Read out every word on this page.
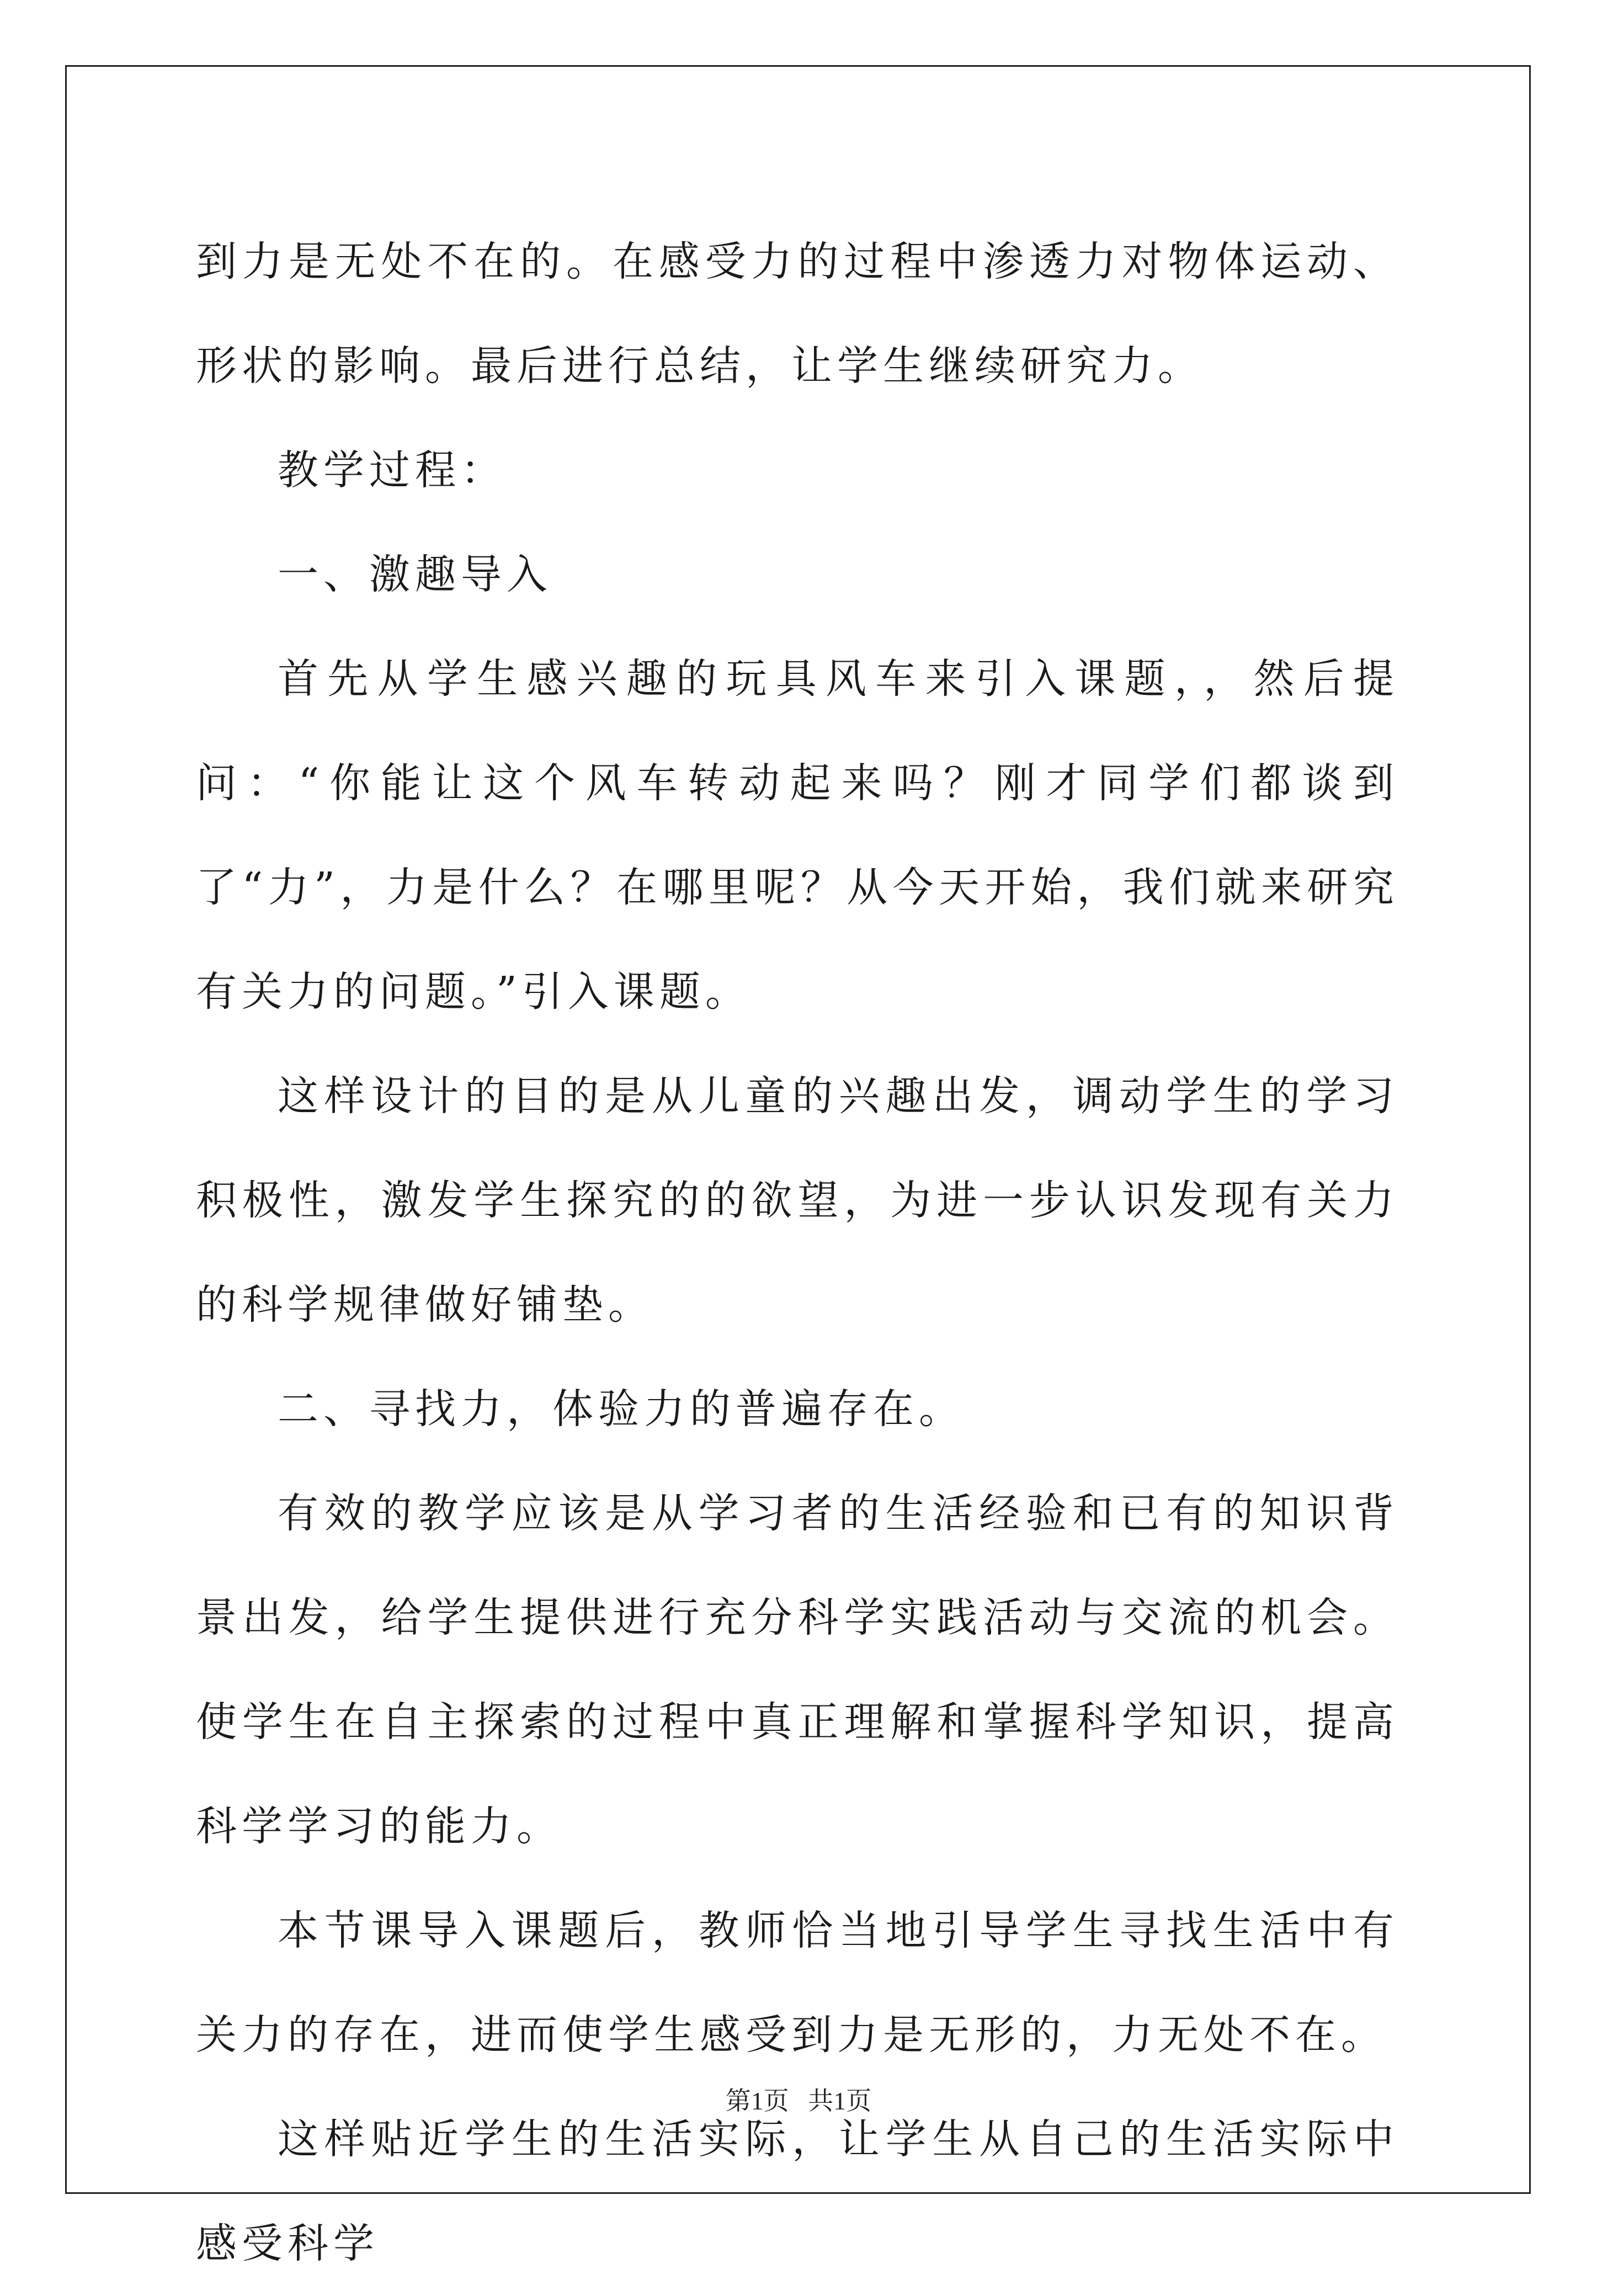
到力是无处不在的。在感受力的过程中渗透力对物体运动、形状的影响。最后进行总结，让学生继续研究力。

教学过程：

一、激趣导入

首先从学生感兴趣的玩具风车来引入课题，，然后提问：“你能让这个风车转动起来吗？刚才同学们都谈到了“力”，力是什么？在哪里呢？从今天开始，我们就来研究有关力的问题。”引入课题。

这样设计的目的是从儿童的兴趣出发，调动学生的学习积极性，激发学生探究的的欲望，为进一步认识发现有关力的科学规律做好铺垫。

二、寻找力，体验力的普遍存在。

有效的教学应该是从学习者的生活经验和已有的知识背景出发，给学生提供进行充分科学实践活动与交流的机会。使学生在自主探索的过程中真正理解和掌握科学知识，提高科学学习的能力。

本节课导入课题后，教师恰当地引导学生寻找生活中有关力的存在，进而使学生感受到力是无形的，力无处不在。

这样贴近学生的生活实际，让学生从自己的生活实际中感受科学

第1页   共1页
